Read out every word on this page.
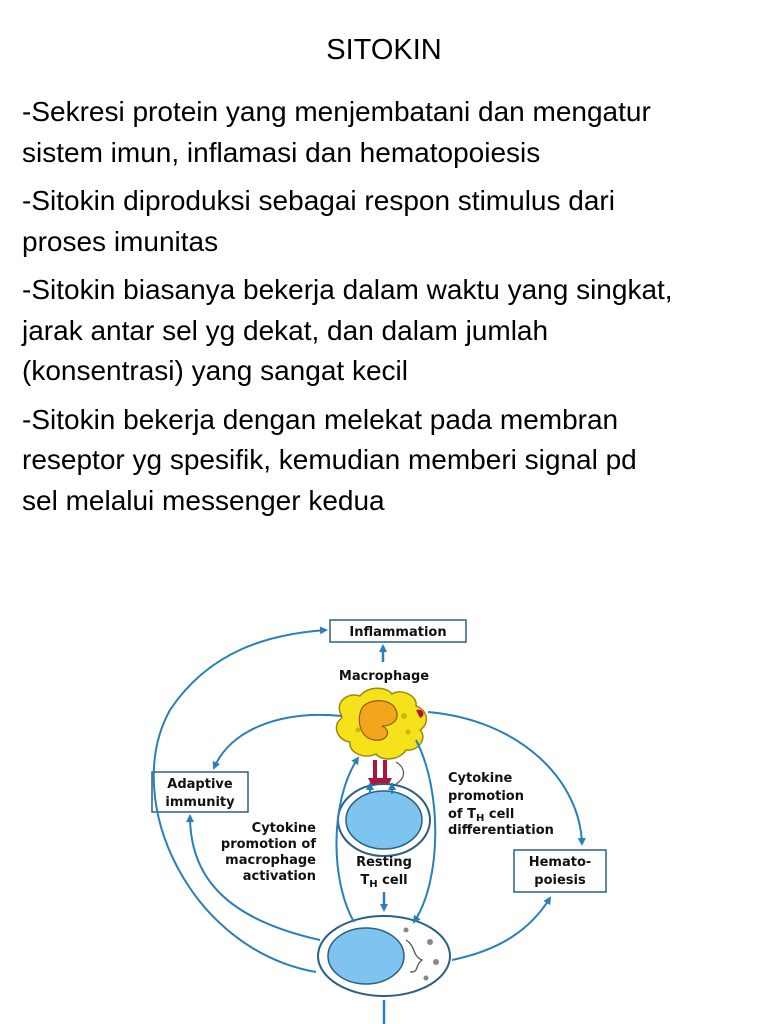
SITOKIN
-Sekresi protein yang menjembatani dan mengatur
sistem imun, inflamasi dan hematopoiesis
-Sitokin diproduksi sebagai respon stimulus dari
proses imunitas
-Sitokin biasanya bekerja dalam waktu yang singkat,
jarak antar sel yg dekat, dan dalam jumlah
(konsentrasi) yang sangat kecil
-Sitokin bekerja dengan melekat pada membran
reseptor yg spesifik, kemudian memberi signal pd
sel melalui messenger kedua
Inflammation
Macrophage
Adaptive
immunity
Cytokine
promotion
of $T_H$ cell
differentiation
Cytokine
promotion of
macrophage
activation
Resting
$T_H$ cell
Hemato-
poiesis
